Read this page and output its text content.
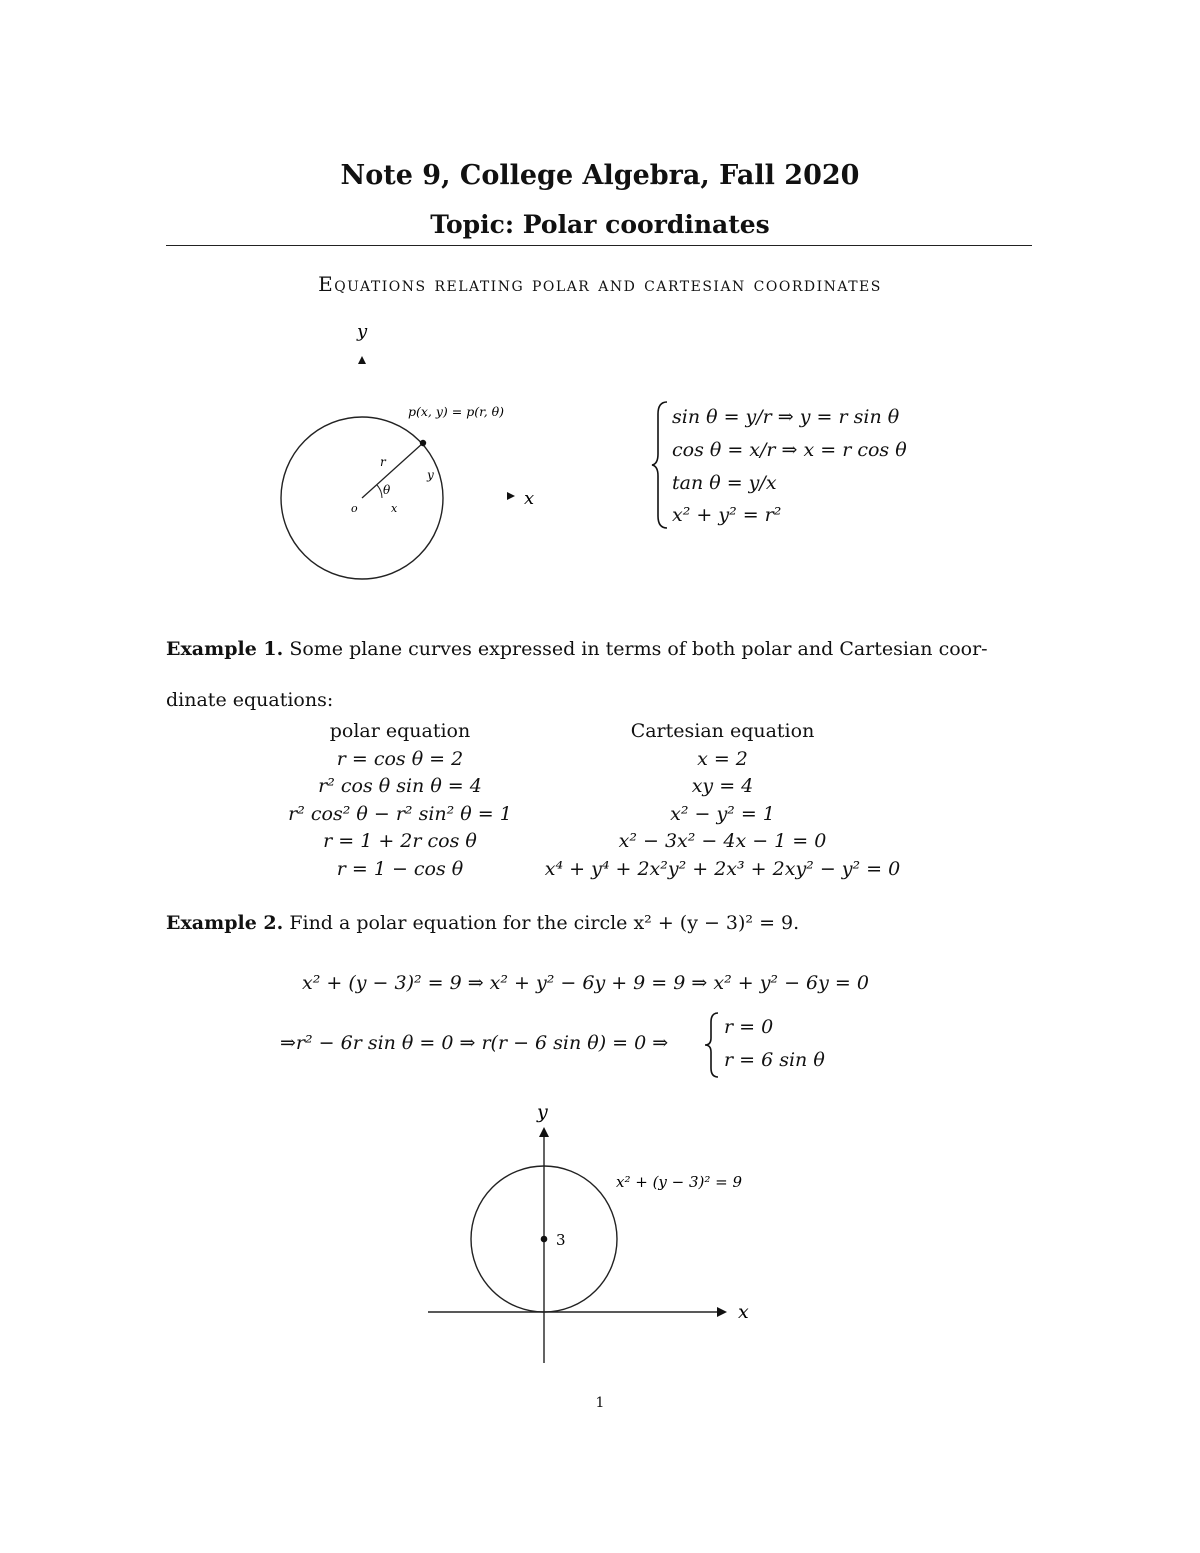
Note 9, College Algebra, Fall 2020
Topic: Polar coordinates
Equations relating polar and cartesian coordinates
y
p(x, y) = p(r, θ)
r
y
θ
o	x	x
sin θ = y/r ⇒ y = r sin θ
cos θ = x/r ⇒ x = r cos θ
tan θ = y/x
x² + y² = r²
Example 1. Some plane curves expressed in terms of both polar and Cartesian coor-
dinate equations:
polar equation
r = cos θ = 2
r² cos θ sin θ = 4
r² cos² θ − r² sin² θ = 1
r = 1 + 2r cos θ
r = 1 − cos θ
Cartesian equation
x = 2
xy = 4
x² − y² = 1
x² − 3x² − 4x − 1 = 0
x⁴ + y⁴ + 2x²y² + 2x³ + 2xy² − y² = 0
Example 2. Find a polar equation for the circle x² + (y − 3)² = 9.
x² + (y − 3)² = 9 ⇒ x² + y² − 6y + 9 = 9 ⇒ x² + y² − 6y = 0
⇒r² − 6r sin θ = 0 ⇒ r(r − 6 sin θ) = 0 ⇒
r = 0
r = 6 sin θ
y
x
3
x² + (y − 3)² = 9
1
